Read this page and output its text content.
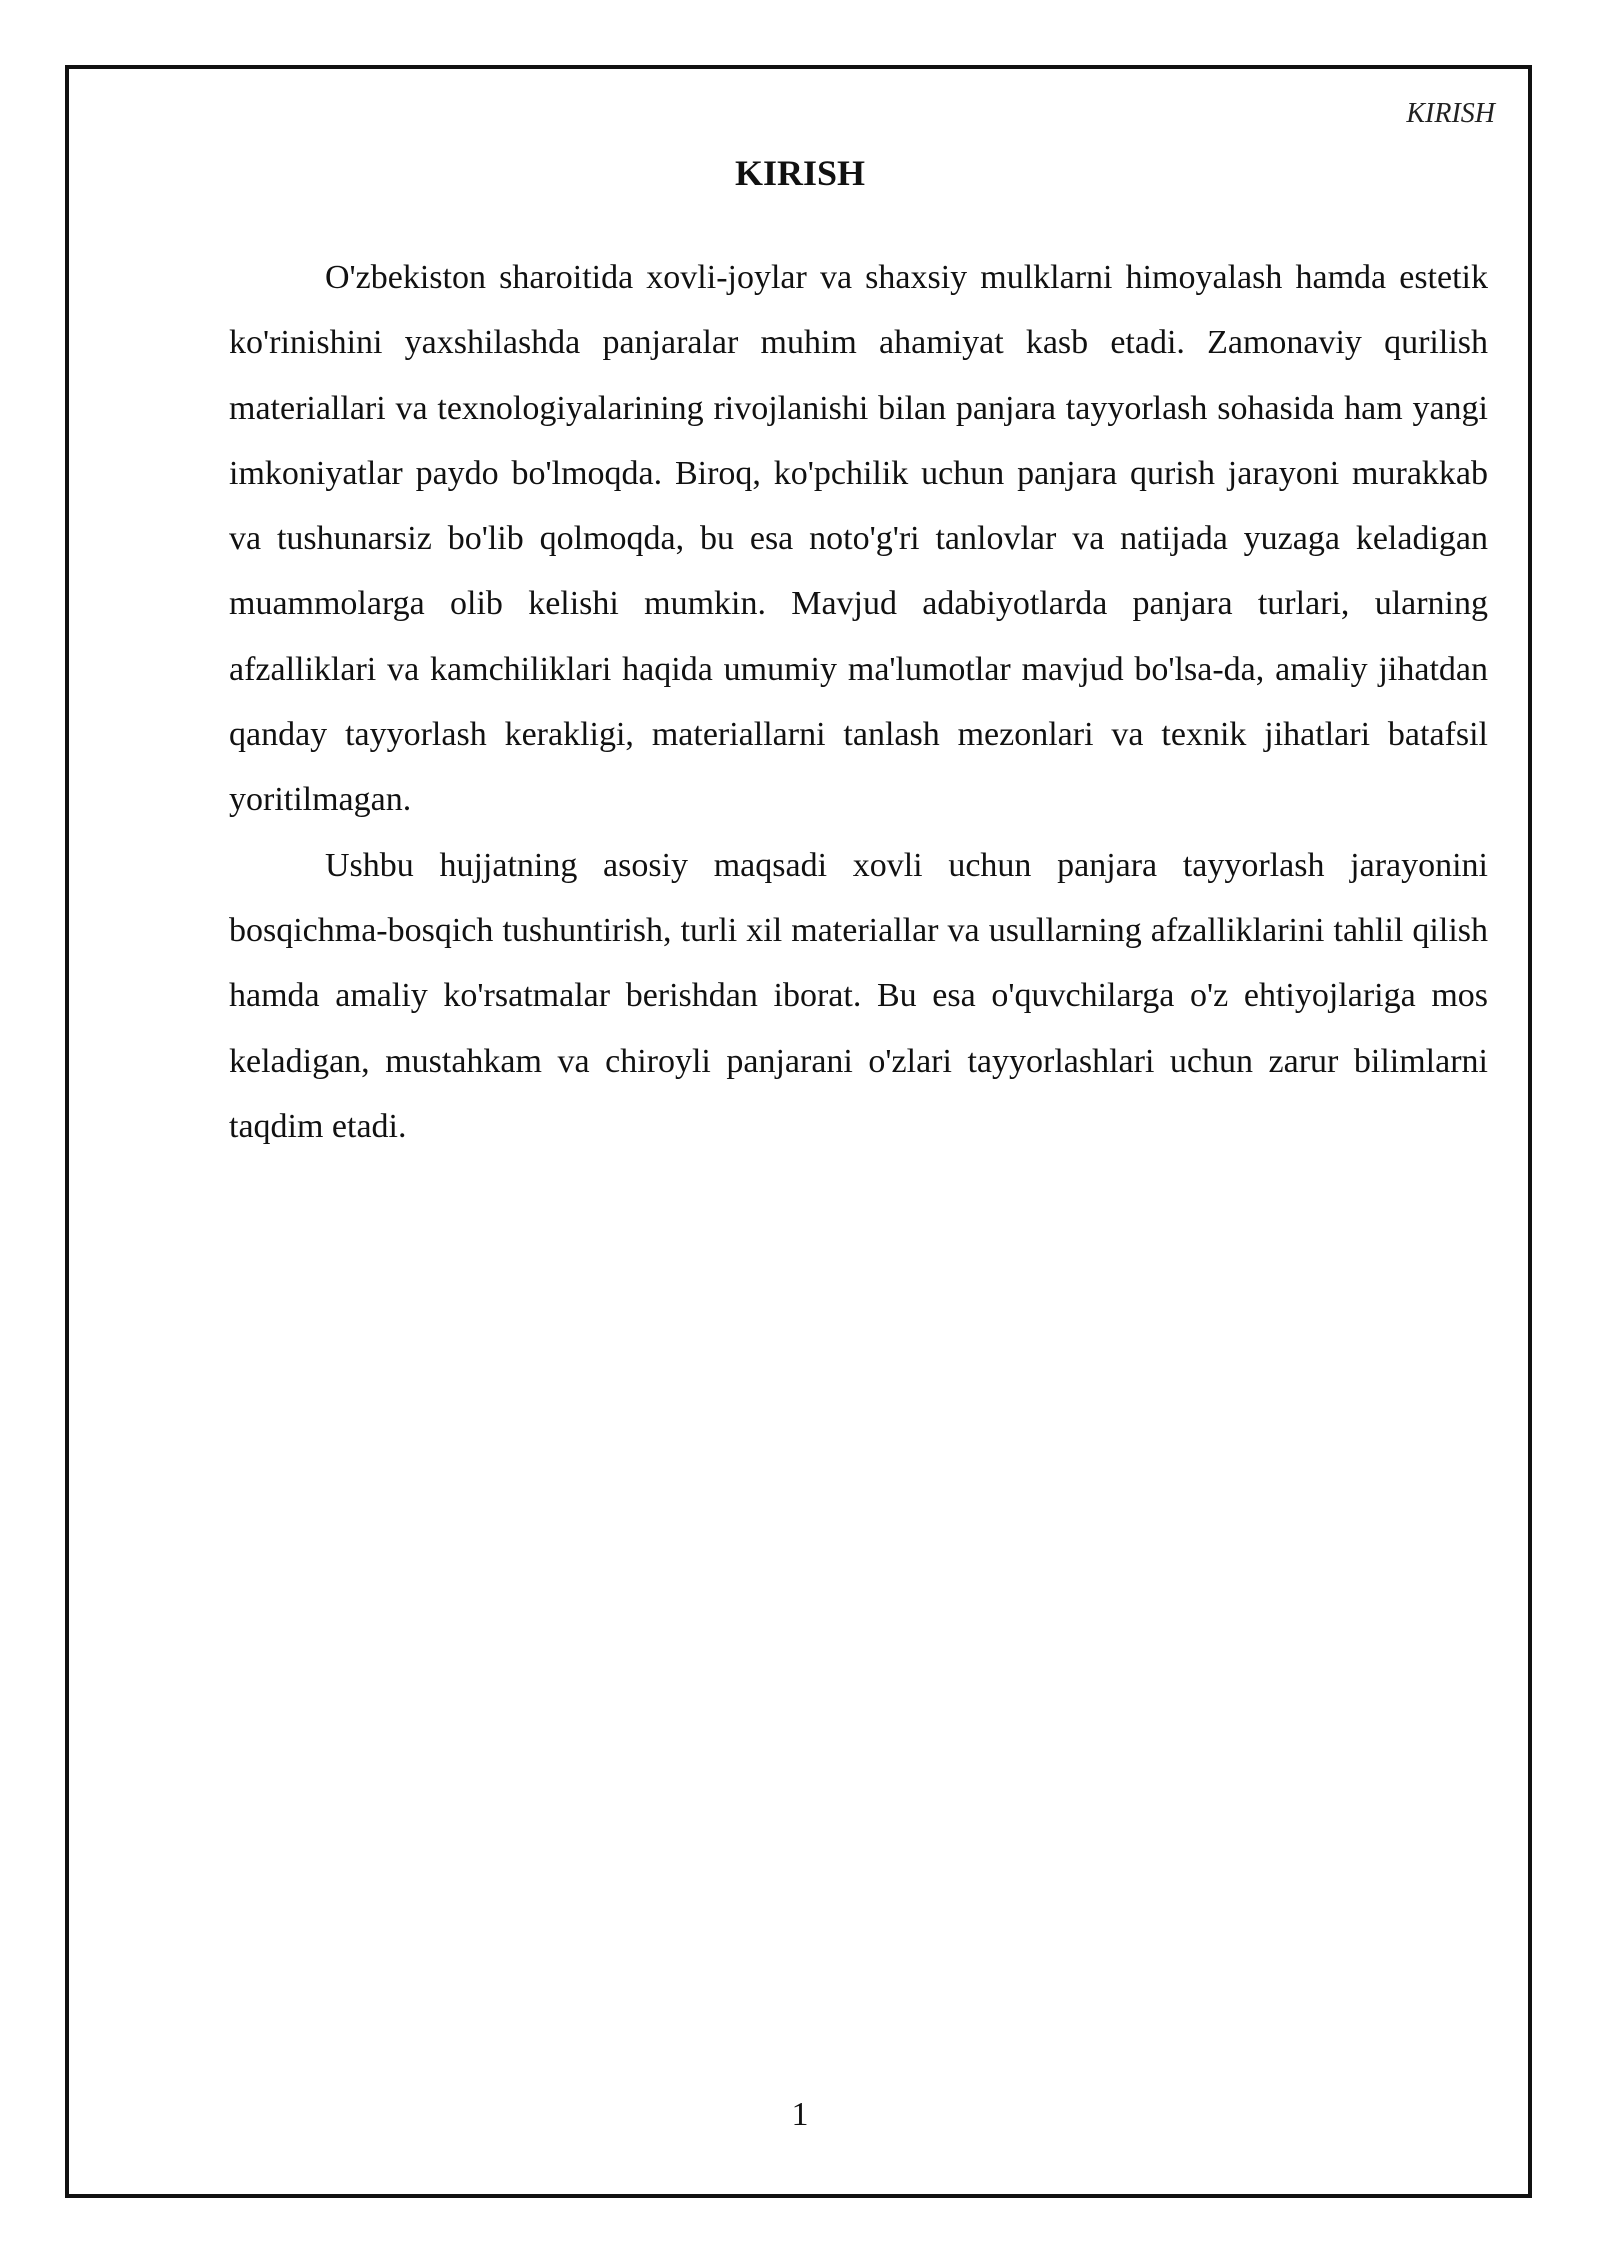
KIRISH
KIRISH

O'zbekiston sharoitida xovli-joylar va shaxsiy mulklarni himoyalash hamda estetik ko'rinishini yaxshilashda panjaralar muhim ahamiyat kasb etadi. Zamonaviy qurilish materiallari va texnologiyalarining rivojlanishi bilan panjara tayyorlash sohasida ham yangi imkoniyatlar paydo bo'lmoqda. Biroq, ko'pchilik uchun panjara qurish jarayoni murakkab va tushunarsiz bo'lib qolmoqda, bu esa noto'g'ri tanlovlar va natijada yuzaga keladigan muammolarga olib kelishi mumkin. Mavjud adabiyotlarda panjara turlari, ularning afzalliklari va kamchiliklari haqida umumiy ma'lumotlar mavjud bo'lsa-da, amaliy jihatdan qanday tayyorlash kerakligi, materiallarni tanlash mezonlari va texnik jihatlari batafsil yoritilmagan.

Ushbu hujjatning asosiy maqsadi xovli uchun panjara tayyorlash jarayonini bosqichma-bosqich tushuntirish, turli xil materiallar va usullarning afzalliklarini tahlil qilish hamda amaliy ko'rsatmalar berishdan iborat. Bu esa o'quvchilarga o'z ehtiyojlariga mos keladigan, mustahkam va chiroyli panjarani o'zlari tayyorlashlari uchun zarur bilimlarni taqdim etadi.

1
